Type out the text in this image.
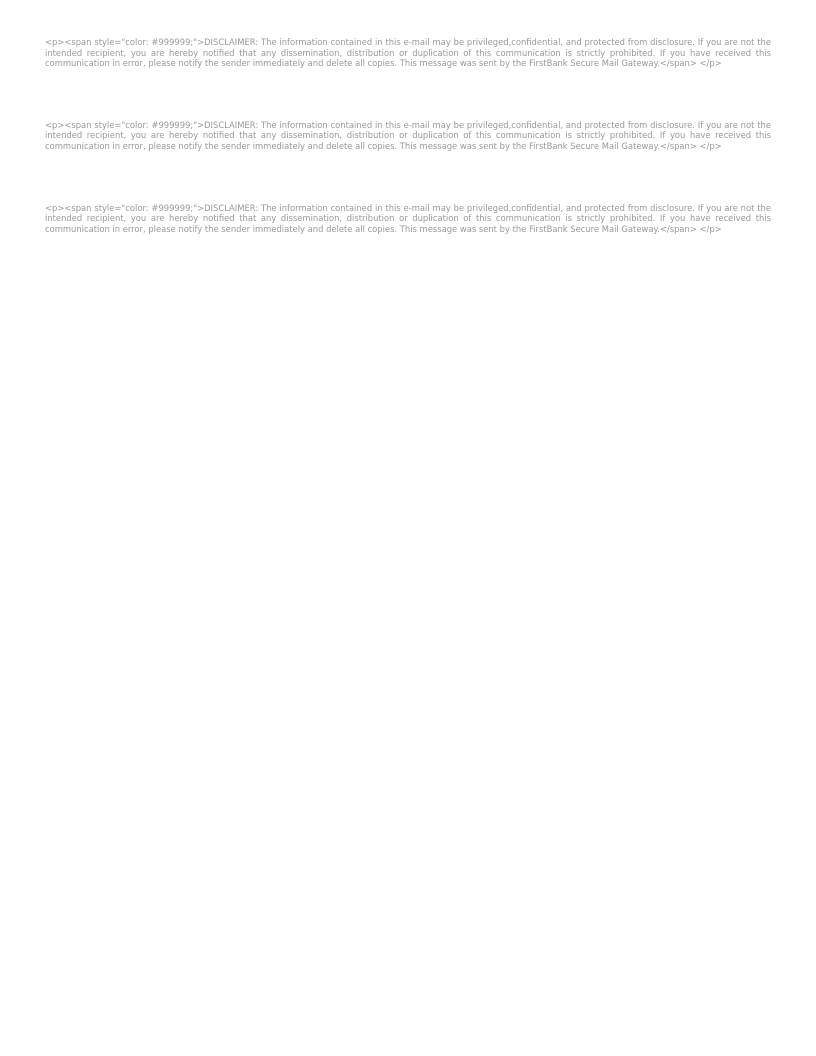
<p><span style="color: #999999;">DISCLAIMER: The information contained in this e-mail may be privileged,confidential, and protected from disclosure. If you are not the intended recipient, you are hereby notified that any dissemination, distribution or duplication of this communication is strictly prohibited. If you have received this communication in error, please notify the sender immediately and delete all copies. This message was sent by the FirstBank Secure Mail Gateway.</span> </p>

<p><span style="color: #999999;">DISCLAIMER: The information contained in this e-mail may be privileged,confidential, and protected from disclosure. If you are not the intended recipient, you are hereby notified that any dissemination, distribution or duplication of this communication is strictly prohibited. If you have received this communication in error, please notify the sender immediately and delete all copies. This message was sent by the FirstBank Secure Mail Gateway.</span> </p>

<p><span style="color: #999999;">DISCLAIMER: The information contained in this e-mail may be privileged,confidential, and protected from disclosure. If you are not the intended recipient, you are hereby notified that any dissemination, distribution or duplication of this communication is strictly prohibited. If you have received this communication in error, please notify the sender immediately and delete all copies. This message was sent by the FirstBank Secure Mail Gateway.</span> </p>
